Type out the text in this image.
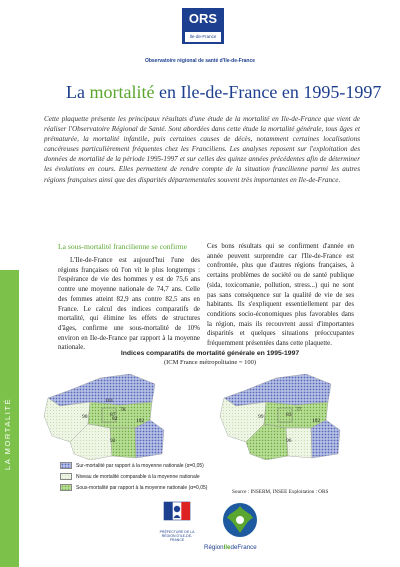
LA MORTALITÉ
ORS
Ile-de-France
Observatoire régional de santé d'Ile-de-France
La mortalité en Ile-de-France en 1995-1997
Cette plaquette présente les principaux résultats d'une étude de la mortalité en Ile-de-France que vient de réaliser l'Observatoire Régional de Santé. Sont abordées dans cette étude la mortalité générale, tous âges et prématurée, la mortalité infantile, puis certaines causes de décès, notamment certaines localisations cancéreuses particulièrement fréquentes chez les Franciliens. Les analyses reposent sur l'exploitation des données de mortalité de la période 1995-1997 et sur celles des quinze années précédentes afin de déterminer les évolutions en cours. Elles permettent de rendre compte de la situation francilienne parmi les autres régions françaises ainsi que des disparités départementales souvent très importantes en Ile-de-France.
La sous-mortalité francilienne se confirme
L'Ile-de-France est aujourd'hui l'une des régions françaises où l'on vit le plus longtemps : l'espérance de vie des hommes y est de 75,6 ans contre une moyenne nationale de 74,7 ans. Celle des femmes atteint 82,9 ans contre 82,5 ans en France. Le calcul des indices comparatifs de mortalité, qui élimine les effets de structures d'âges, confirme une sous-mortalité de 10% environ en Ile-de-France par rapport à la moyenne nationale.
Ces bons résultats qui se confirment d'année en année peuvent surprendre car l'Ile-de-France est confrontée, plus que d'autres régions françaises, à certains problèmes de société ou de santé publique (sida, toxicomanie, pollution, stress...) qui ne sont pas sans conséquence sur la qualité de vie de ses habitants. Ils s'expliquent essentiellement par des conditions socio-économiques plus favorables dans la région, mais ils recouvrent aussi d'importantes disparités et quelques situations préoccupantes fréquemment présentées dans cette plaquette.
Indices comparatifs de mortalité générale en 1995-1997
(ICM France métropolitaine = 100)
101
87
78
90
102
82
92
99	83
77
102
96
Sur-mortalité par rapport à la moyenne nationale (α=0,05)
Niveau de mortalité comparable à la moyenne nationale
Sous-mortalité par rapport à la moyenne nationale (α=0,05)
Source : INSERM, INSEE Exploitation : ORS
PRÉFECTURE DE LA RÉGION D'ILE-DE-FRANCE
RégionIledeFrance
